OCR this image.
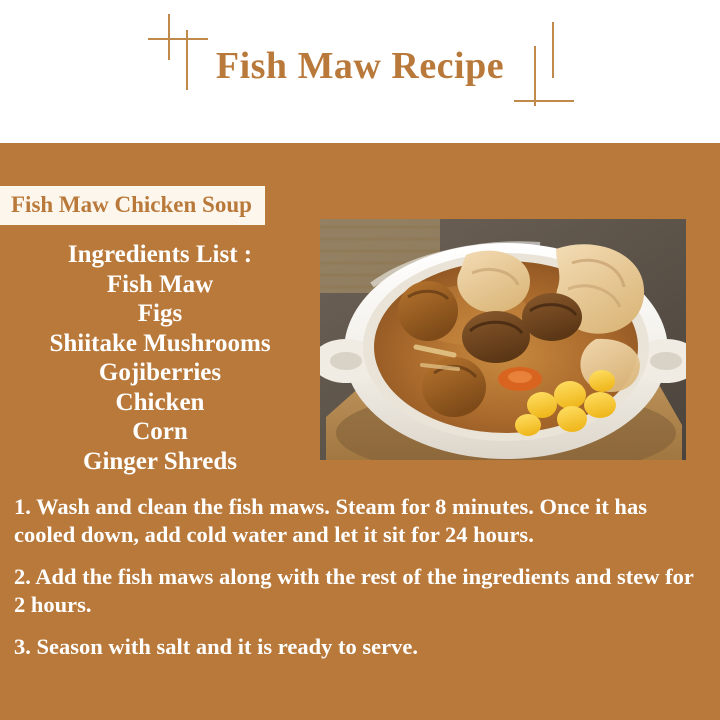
Fish Maw Recipe
Fish Maw Chicken Soup
Ingredients List :
Fish Maw
Figs
Shiitake Mushrooms
Gojiberries
Chicken
Corn
Ginger Shreds
1. Wash and clean the fish maws. Steam for 8 minutes. Once it has cooled down, add cold water and let it sit for 24 hours.
2. Add the fish maws along with the rest of the ingredients and stew for 2 hours.
3. Season with salt and it is ready to serve.
